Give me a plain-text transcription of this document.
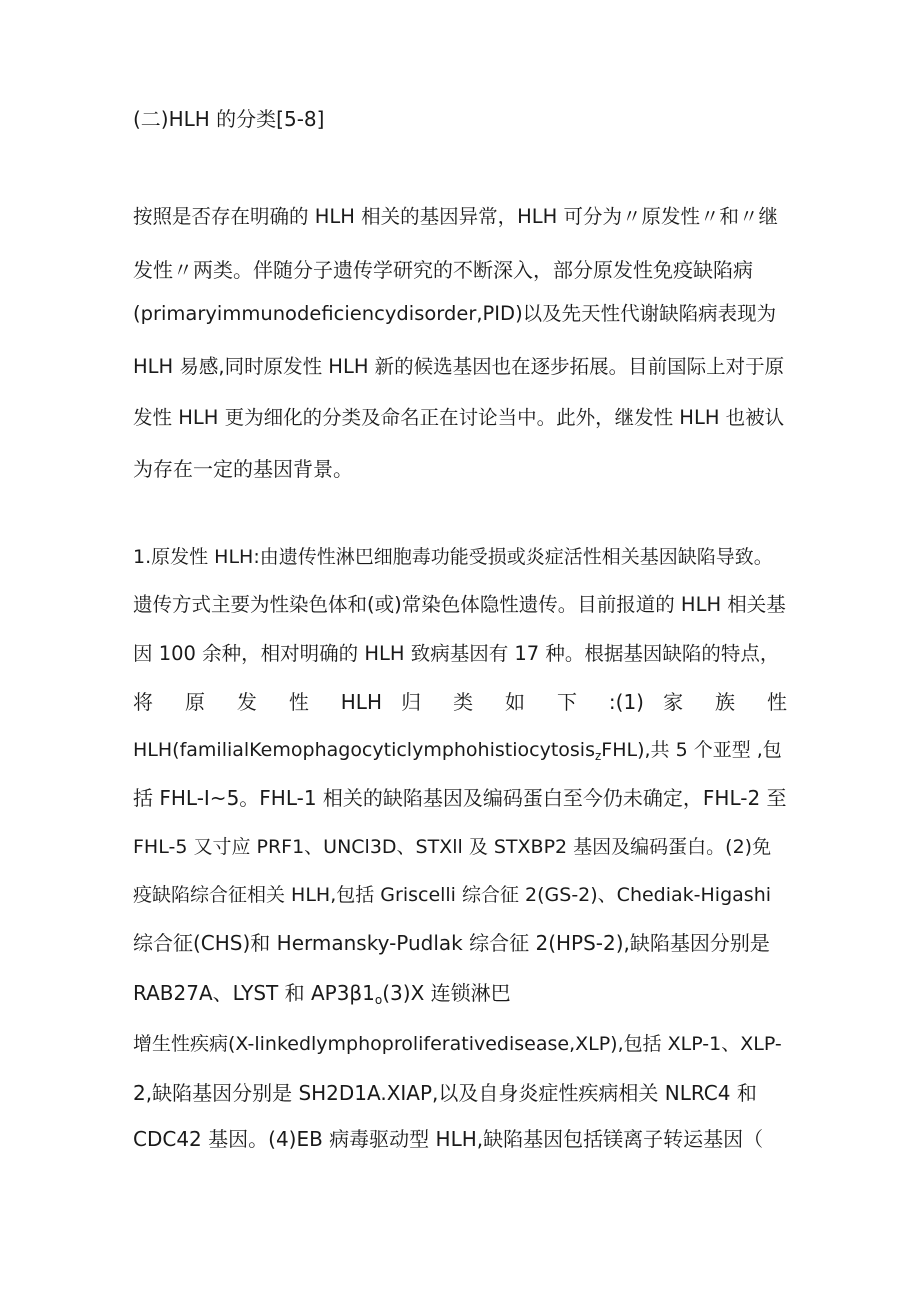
(二)HLH 的分类[5-8]
按照是否存在明确的 HLH 相关的基因异常，HLH 可分为〃原发性〃和〃继
发性〃两类。伴随分子遗传学研究的不断深入，部分原发性免疫缺陷病
(primaryimmunodeficiencydisorder,PID)以及先天性代谢缺陷病表现为
HLH 易感,同时原发性 HLH 新的候选基因也在逐步拓展。目前国际上对于原
发性 HLH 更为细化的分类及命名正在讨论当中。此外，继发性 HLH 也被认
为存在一定的基因背景。
1.原发性 HLH:由遗传性淋巴细胞毒功能受损或炎症活性相关基因缺陷导致。
遗传方式主要为性染色体和(或)常染色体隐性遗传。目前报道的 HLH 相关基
因 100 余种，相对明确的 HLH 致病基因有 17 种。根据基因缺陷的特点，
将 原 发 性 HLH 归 类 如 下 :(1) 家 族 性
HLH(familialKemophagocyticlymphohistiocytosis$_z$FHL),共 5 个亚型 ,包
括 FHL-I~5。FHL-1 相关的缺陷基因及编码蛋白至今仍未确定，FHL-2 至
FHL-5 又寸应 PRF1、UNCl3D、STXll 及 STXBP2 基因及编码蛋白。(2)免
疫缺陷综合征相关 HLH,包括 Griscelli 综合征 2(GS-2)、Chediak-Higashi
综合征(CHS)和 Hermansky-Pudlak 综合征 2(HPS-2),缺陷基因分别是
RAB27A、LYST 和 $AP3\beta 1_o(3)X$ 连锁淋巴
增生性疾病(X-linkedlymphoproliferativedisease,XLP),包括 XLP-1、XLP-
2,缺陷基因分别是 SH2D1A.XIAP,以及自身炎症性疾病相关 NLRC4 和
CDC42 基因。(4)EB 病毒驱动型 HLH,缺陷基因包括镁离子转运基因（
